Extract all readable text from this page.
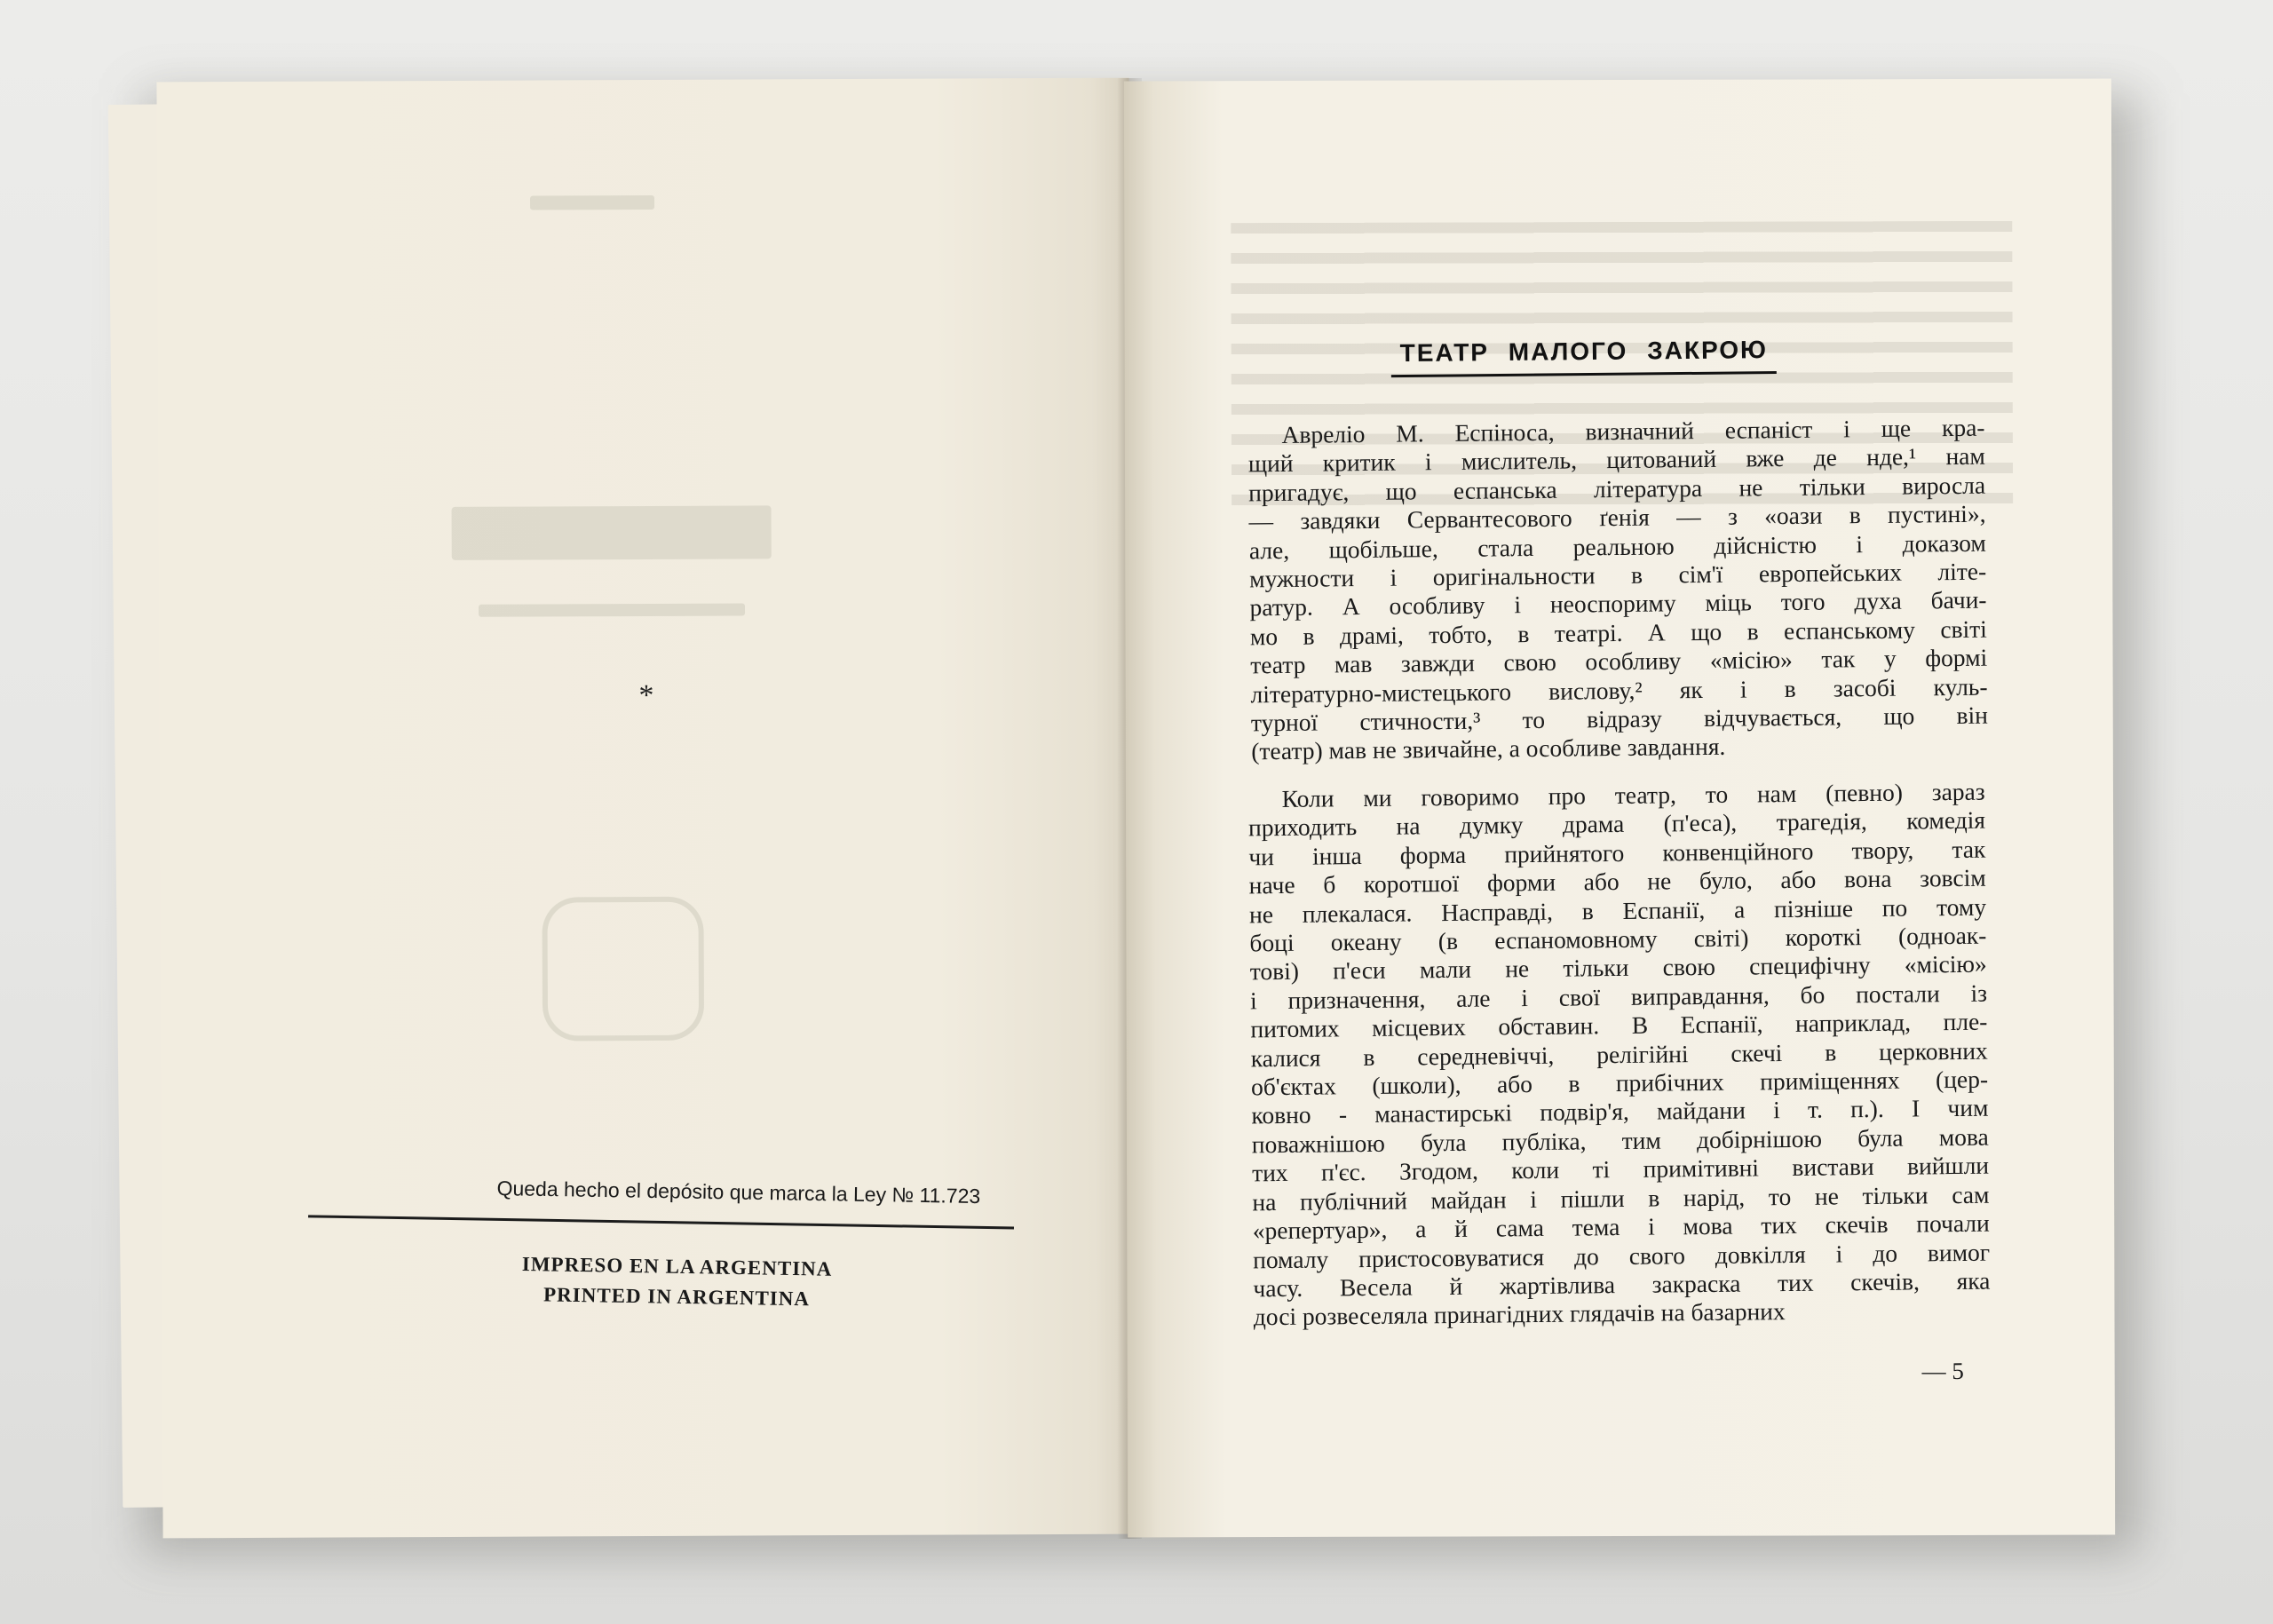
*
Queda hecho el depósito que marca la Ley № 11.723
IMPRESO EN LA ARGENTINA
PRINTED IN ARGENTINA
ТЕАТР МАЛОГО ЗАКРОЮ
Авреліо М. Еспіноса, визначний еспаніст і ще кра-
щий критик і мислитель, цитований вже де нде,¹ нам
пригадує, що еспанська література не тільки виросла
— завдяки Сервантесового ґенія — з «оази в пустині»,
але, щобільше, стала реальною дійсністю і доказом
мужности і оригінальности в сім'ї европейських літе-
ратур. А особливу і неоспориму міць того духа бачи-
мо в драмі, тобто, в театрі. А що в еспанському світі
театр мав завжди свою особливу «місію» так у формі
літературно-мистецького вислову,² як і в засобі куль-
турної стичности,³ то відразу відчувається, що він
(театр) мав не звичайне, а особливе завдання.
Коли ми говоримо про театр, то нам (певно) зараз
приходить на думку драма (п'еса), трагедія, комедія
чи інша форма прийнятого конвенційного твору, так
наче б коротшої форми або не було, або вона зовсім
не плекалася. Насправді, в Еспанії, а пізніше по тому
боці океану (в еспаномовному світі) короткі (одноак-
тові) п'еси мали не тільки свою специфічну «місію»
і призначення, але і свої виправдання, бо постали із
питомих місцевих обставин. В Еспанії, наприклад, пле-
калися в середневіччі, релігійні скечі в церковних
об'єктах (школи), або в прибічних приміщеннях (цер-
ковно - манастирські подвір'я, майдани і т. п.). І чим
поважнішою була публіка, тим добірнішою була мова
тих п'єс. Згодом, коли ті примітивні вистави вийшли
на публічний майдан і пішли в нарід, то не тільки сам
«репертуар», а й сама тема і мова тих скечів почали
помалу пристосовуватися до свого довкілля і до вимог
часу. Весела й жартівлива закраска тих скечів, яка
досі розвеселяла принагідних глядачів на базарних
— 5
